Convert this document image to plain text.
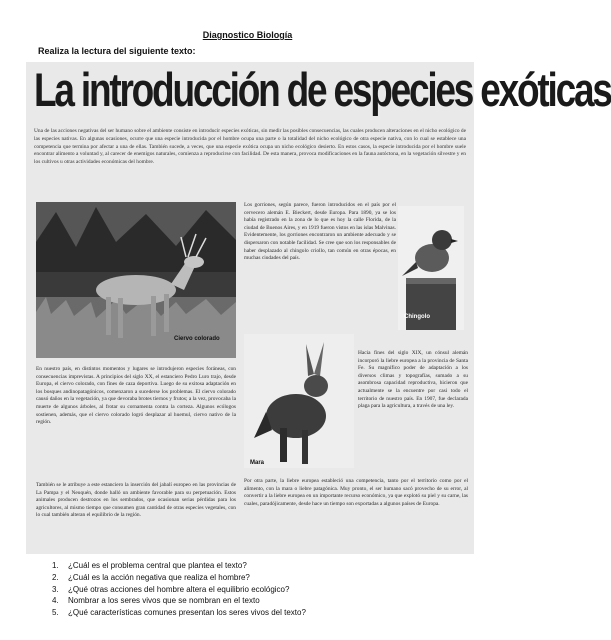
Diagnostico Biología
Realiza la lectura del siguiente texto:
La introducción de especies exóticas
Una de las acciones negativas del ser humano sobre el ambiente consiste en introducir especies exóticas, sin medir las posibles consecuencias, las cuales producen alteraciones en el nicho ecológico de las especies nativas. En algunas ocasiones, ocurre que una especie introducida por el hombre ocupa una parte o la totalidad del nicho ecológico de otra especie nativa, con lo cual se establece una competencia que termina por afectar a una de ellas. También sucede, a veces, que una especie exótica ocupa un nicho ecológico desierto. En estos casos, la especie introducida por el hombre suele encontrar alimento a voluntad y, al carecer de enemigos naturales, comienza a reproducirse con facilidad. De esta manera, provoca modificaciones en la fauna autóctona, en la vegetación silvestre y en los cultivos u otras actividades económicas del hombre.
Ciervo colorado
Los gorriones, según parece, fueron introducidos en el país por el cervecero alemán E. Bieckert, desde Europa. Para 1890, ya se los había registrado en la zona de lo que es hoy la calle Florida, de la ciudad de Buenos Aires, y en 1919 fueron vistos en las islas Malvinas. Evidentemente, los gorriones encontraron un ambiente adecuado y se dispersaron con notable facilidad. Se cree que son los responsables de haber desplazado al chingolo criollo, tan común en otras épocas, en muchas ciudades del país.
Chingolo
En nuestro país, en distintos momentos y lugares se introdujeron especies foráneas, con consecuencias imprevistas. A principios del siglo XX, el estanciero Pedro Luro trajo, desde Europa, el ciervo colorado, con fines de caza deportiva. Luego de su exitosa adaptación en los bosques andinopatagónicos, comenzaron a sucederse los problemas. El ciervo colorado causó daños en la vegetación, ya que devoraba brotes tiernos y frutos; a la vez, provocaba la muerte de algunos árboles, al frotar su cornamenta contra la corteza. Algunos ecólogos sostienen, además, que el ciervo colorado logró desplazar al huemul, ciervo nativo de la región.
También se le atribuye a este estanciero la inserción del jabalí europeo en las provincias de La Pampa y el Neuquén, donde halló un ambiente favorable para su perpetuación. Estos animales producen destrozos en los sembrados, que ocasionan serias pérdidas para los agricultores, al mismo tiempo que consumen gran cantidad de otras especies vegetales, con lo cual también alteran el equilibrio de la región.
Mara
Hacia fines del siglo XIX, un cónsul alemán incorporó la liebre europea a la provincia de Santa Fe. Su magnífico poder de adaptación a los diversos climas y topografías, sumado a su asombrosa capacidad reproductiva, hicieron que actualmente se la encuentre por casi todo el territorio de nuestro país. En 1907, fue declarada plaga para la agricultura, a través de una ley.
Por otra parte, la liebre europea estableció una competencia, tanto por el territorio como por el alimento, con la mara o liebre patagónica. Muy pronto, el ser humano sacó provecho de su error, al convertir a la liebre europea en un importante recurso económico, ya que explotó su piel y su carne, las cuales, paradójicamente, desde hace un tiempo son exportadas a algunos países de Europa.
1.	¿Cuál es el problema central que plantea el texto?
2.	¿Cuál es la acción negativa que realiza el hombre?
3.	¿Qué otras acciones del hombre altera el equilibrio ecológico?
4.	Nombrar a los seres vivos que se nombran en el texto
5.	¿Qué características comunes presentan los seres vivos del texto?
